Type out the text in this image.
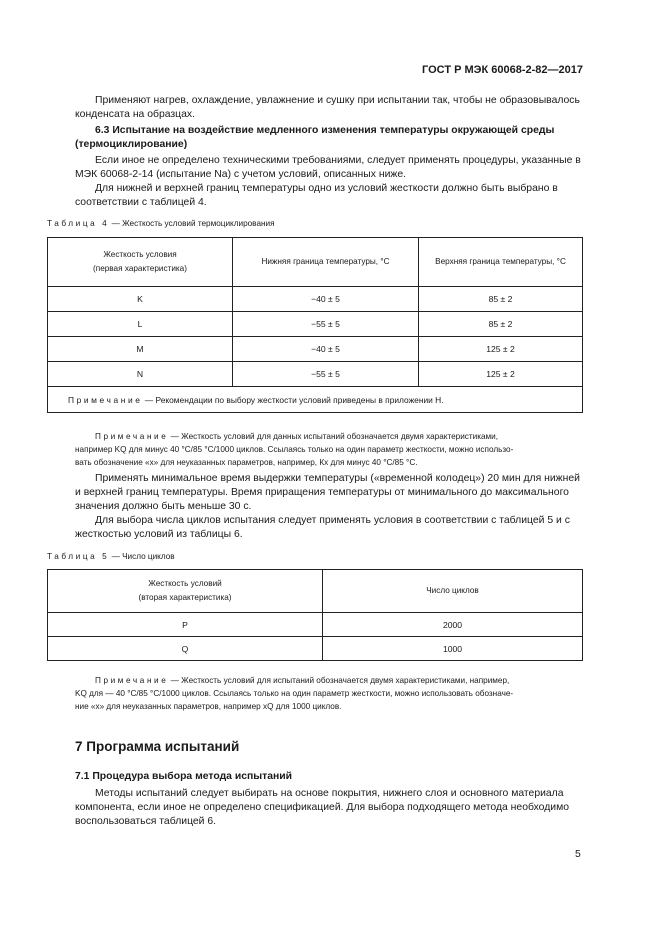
ГОСТ Р МЭК 60068-2-82—2017

Применяют нагрев, охлаждение, увлажнение и сушку при испытании так, чтобы не образовывалось конденсата на образцах.

6.3 Испытание на воздействие медленного изменения температуры окружающей среды
(термоциклирование)

Если иное не определено техническими требованиями, следует применять процедуры, указанные в МЭК 60068-2-14 (испытание Na) с учетом условий, описанных ниже.

Для нижней и верхней границ температуры одно из условий жесткости должно быть выбрано в соответствии с таблицей 4.

Таблица 4 — Жесткость условий термоциклирования

Жесткость условия
(первая характеристика)	Нижняя граница температуры, °С	Верхняя граница температуры, °С
K	−40 ± 5	85 ± 2
L	−55 ± 5	85 ± 2
M	−40 ± 5	125 ± 2
N	−55 ± 5	125 ± 2
Примечание — Рекомендации по выбору жесткости условий приведены в приложении Н.		
Примечание — Жесткость условий для данных испытаний обозначается двумя характеристиками,
например KQ для минус 40 °С/85 °С/1000 циклов. Ссылаясь только на один параметр жесткости, можно использо-
вать обозначение «х» для неуказанных параметров, например, Кх для минус 40 °С/85 °С.

Применять минимальное время выдержки температуры («временной колодец») 20 мин для нижней и верхней границ температуры. Время приращения температуры от минимального до максимального значения должно быть меньше 30 с.

Для выбора числа циклов испытания следует применять условия в соответствии с таблицей 5 и с жесткостью условий из таблицы 6.

Таблица 5 — Число циклов

Жесткость условий
(вторая характеристика)	Число циклов
P	2000
Q	1000
Примечание — Жесткость условий для испытаний обозначается двумя характеристиками, например,
KQ для — 40 °С/85 °С/1000 циклов. Ссылаясь только на один параметр жесткости, можно использовать обозначе-
ние «х» для неуказанных параметров, например xQ для 1000 циклов.
7 Программа испытаний
7.1 Процедура выбора метода испытаний

Методы испытаний следует выбирать на основе покрытия, нижнего слоя и основного материала компонента, если иное не определено спецификацией. Для выбора подходящего метода необходимо воспользоваться таблицей 6.

5
